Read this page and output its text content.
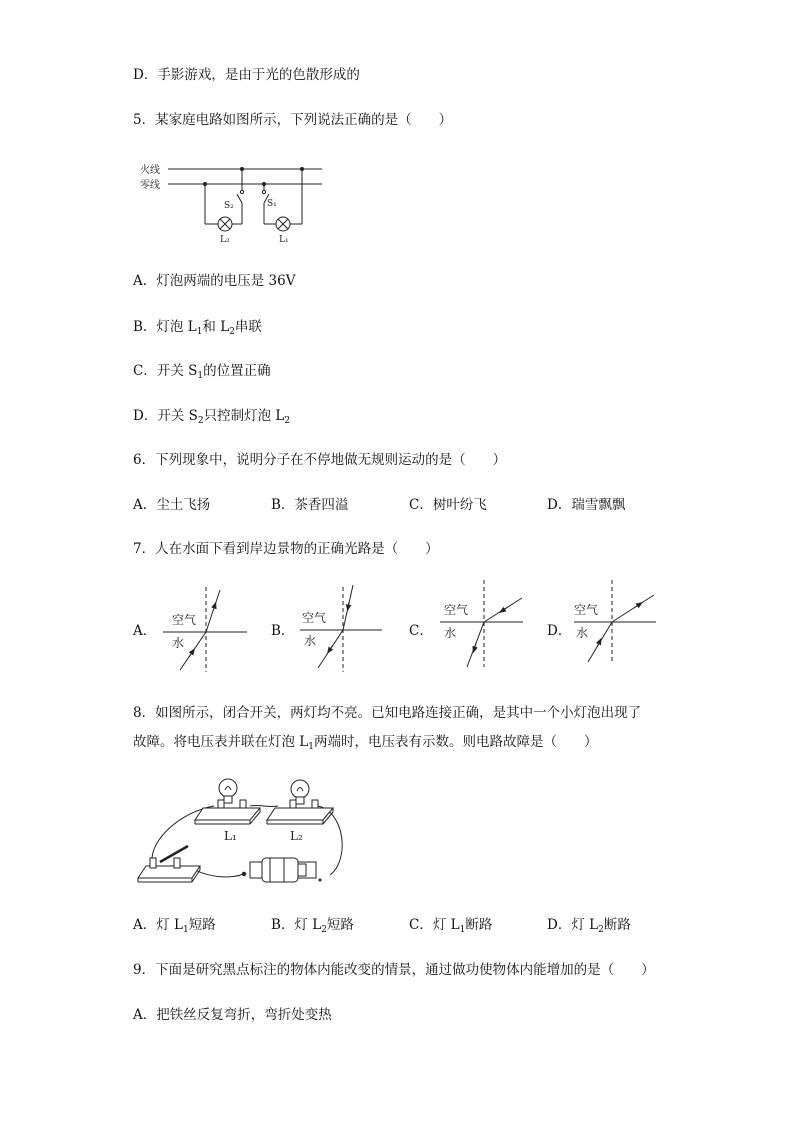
D．手影游戏，是由于光的色散形成的
5．某家庭电路如图所示，下列说法正确的是（　　）
火线
零线
S₂	S₁
L₂	L₁
A．灯泡两端的电压是 36V
B．灯泡 $L_1$和 $L_2$串联
C．开关 $S_1$的位置正确
D．开关 $S_2$只控制灯泡 $L_2$
6．下列现象中，说明分子在不停地做无规则运动的是（　　）
A．尘土飞扬	B．茶香四溢	C．树叶纷飞	D．瑞雪飘飘
7．人在水面下看到岸边景物的正确光路是（　　）
A．	B．	C．	D．
空气
水
空气
水
空气
水
空气
水
8．如图所示，闭合开关，两灯均不亮。已知电路连接正确，是其中一个小灯泡出现了
故障。将电压表并联在灯泡 $L_1$两端时，电压表有示数。则电路故障是（　　）
L₁	L₂
A．灯 $L_1$短路	B．灯 $L_2$短路	C．灯 $L_1$断路	D．灯 $L_2$断路
9．下面是研究黑点标注的物体内能改变的情景，通过做功使物体内能增加的是（　　）
A．把铁丝反复弯折，弯折处变热
